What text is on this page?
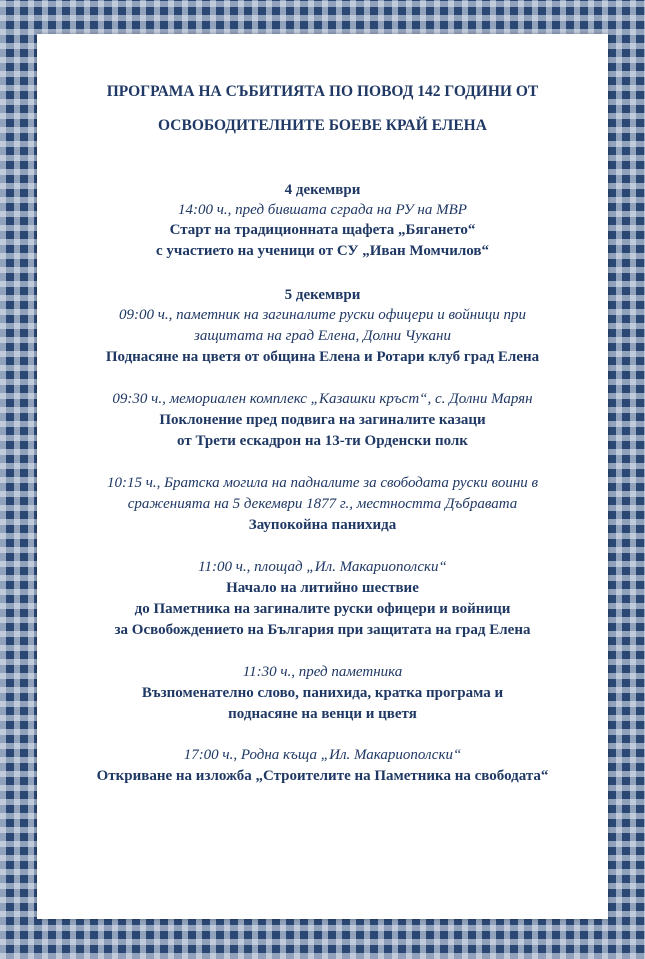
ПРОГРАМА НА СЪБИТИЯТА ПО ПОВОД 142 ГОДИНИ ОТ
ОСВОБОДИТЕЛНИТЕ БОЕВЕ КРАЙ ЕЛЕНА
4 декември
14:00 ч., пред бившата сграда на РУ на МВР
Старт на традиционната щафета „Бягането“
с участието на ученици от СУ „Иван Момчилов“
5 декември
09:00 ч., паметник на загиналите руски офицери и войници при
защитата на град Елена, Долни Чукани
Поднасяне на цветя от община Елена и Ротари клуб град Елена
09:30 ч., мемориален комплекс „Казашки кръст“, с. Долни Марян
Поклонение пред подвига на загиналите казаци
от Трети ескадрон на 13-ти Орденски полк
10:15 ч., Братска могила на падналите за свободата руски воини в
сраженията на 5 декември 1877 г., местността Дъбравата
Заупокойна панихида
11:00 ч., площад „Ил. Макариополски“
Начало на литийно шествие
до Паметника на загиналите руски офицери и войници
за Освобождението на България при защитата на град Елена
11:30 ч., пред паметника
Възпоменателно слово, панихида, кратка програма и
поднасяне на венци и цветя
17:00 ч., Родна къща „Ил. Макариополски“
Откриване на изложба „Строителите на Паметника на свободата“
